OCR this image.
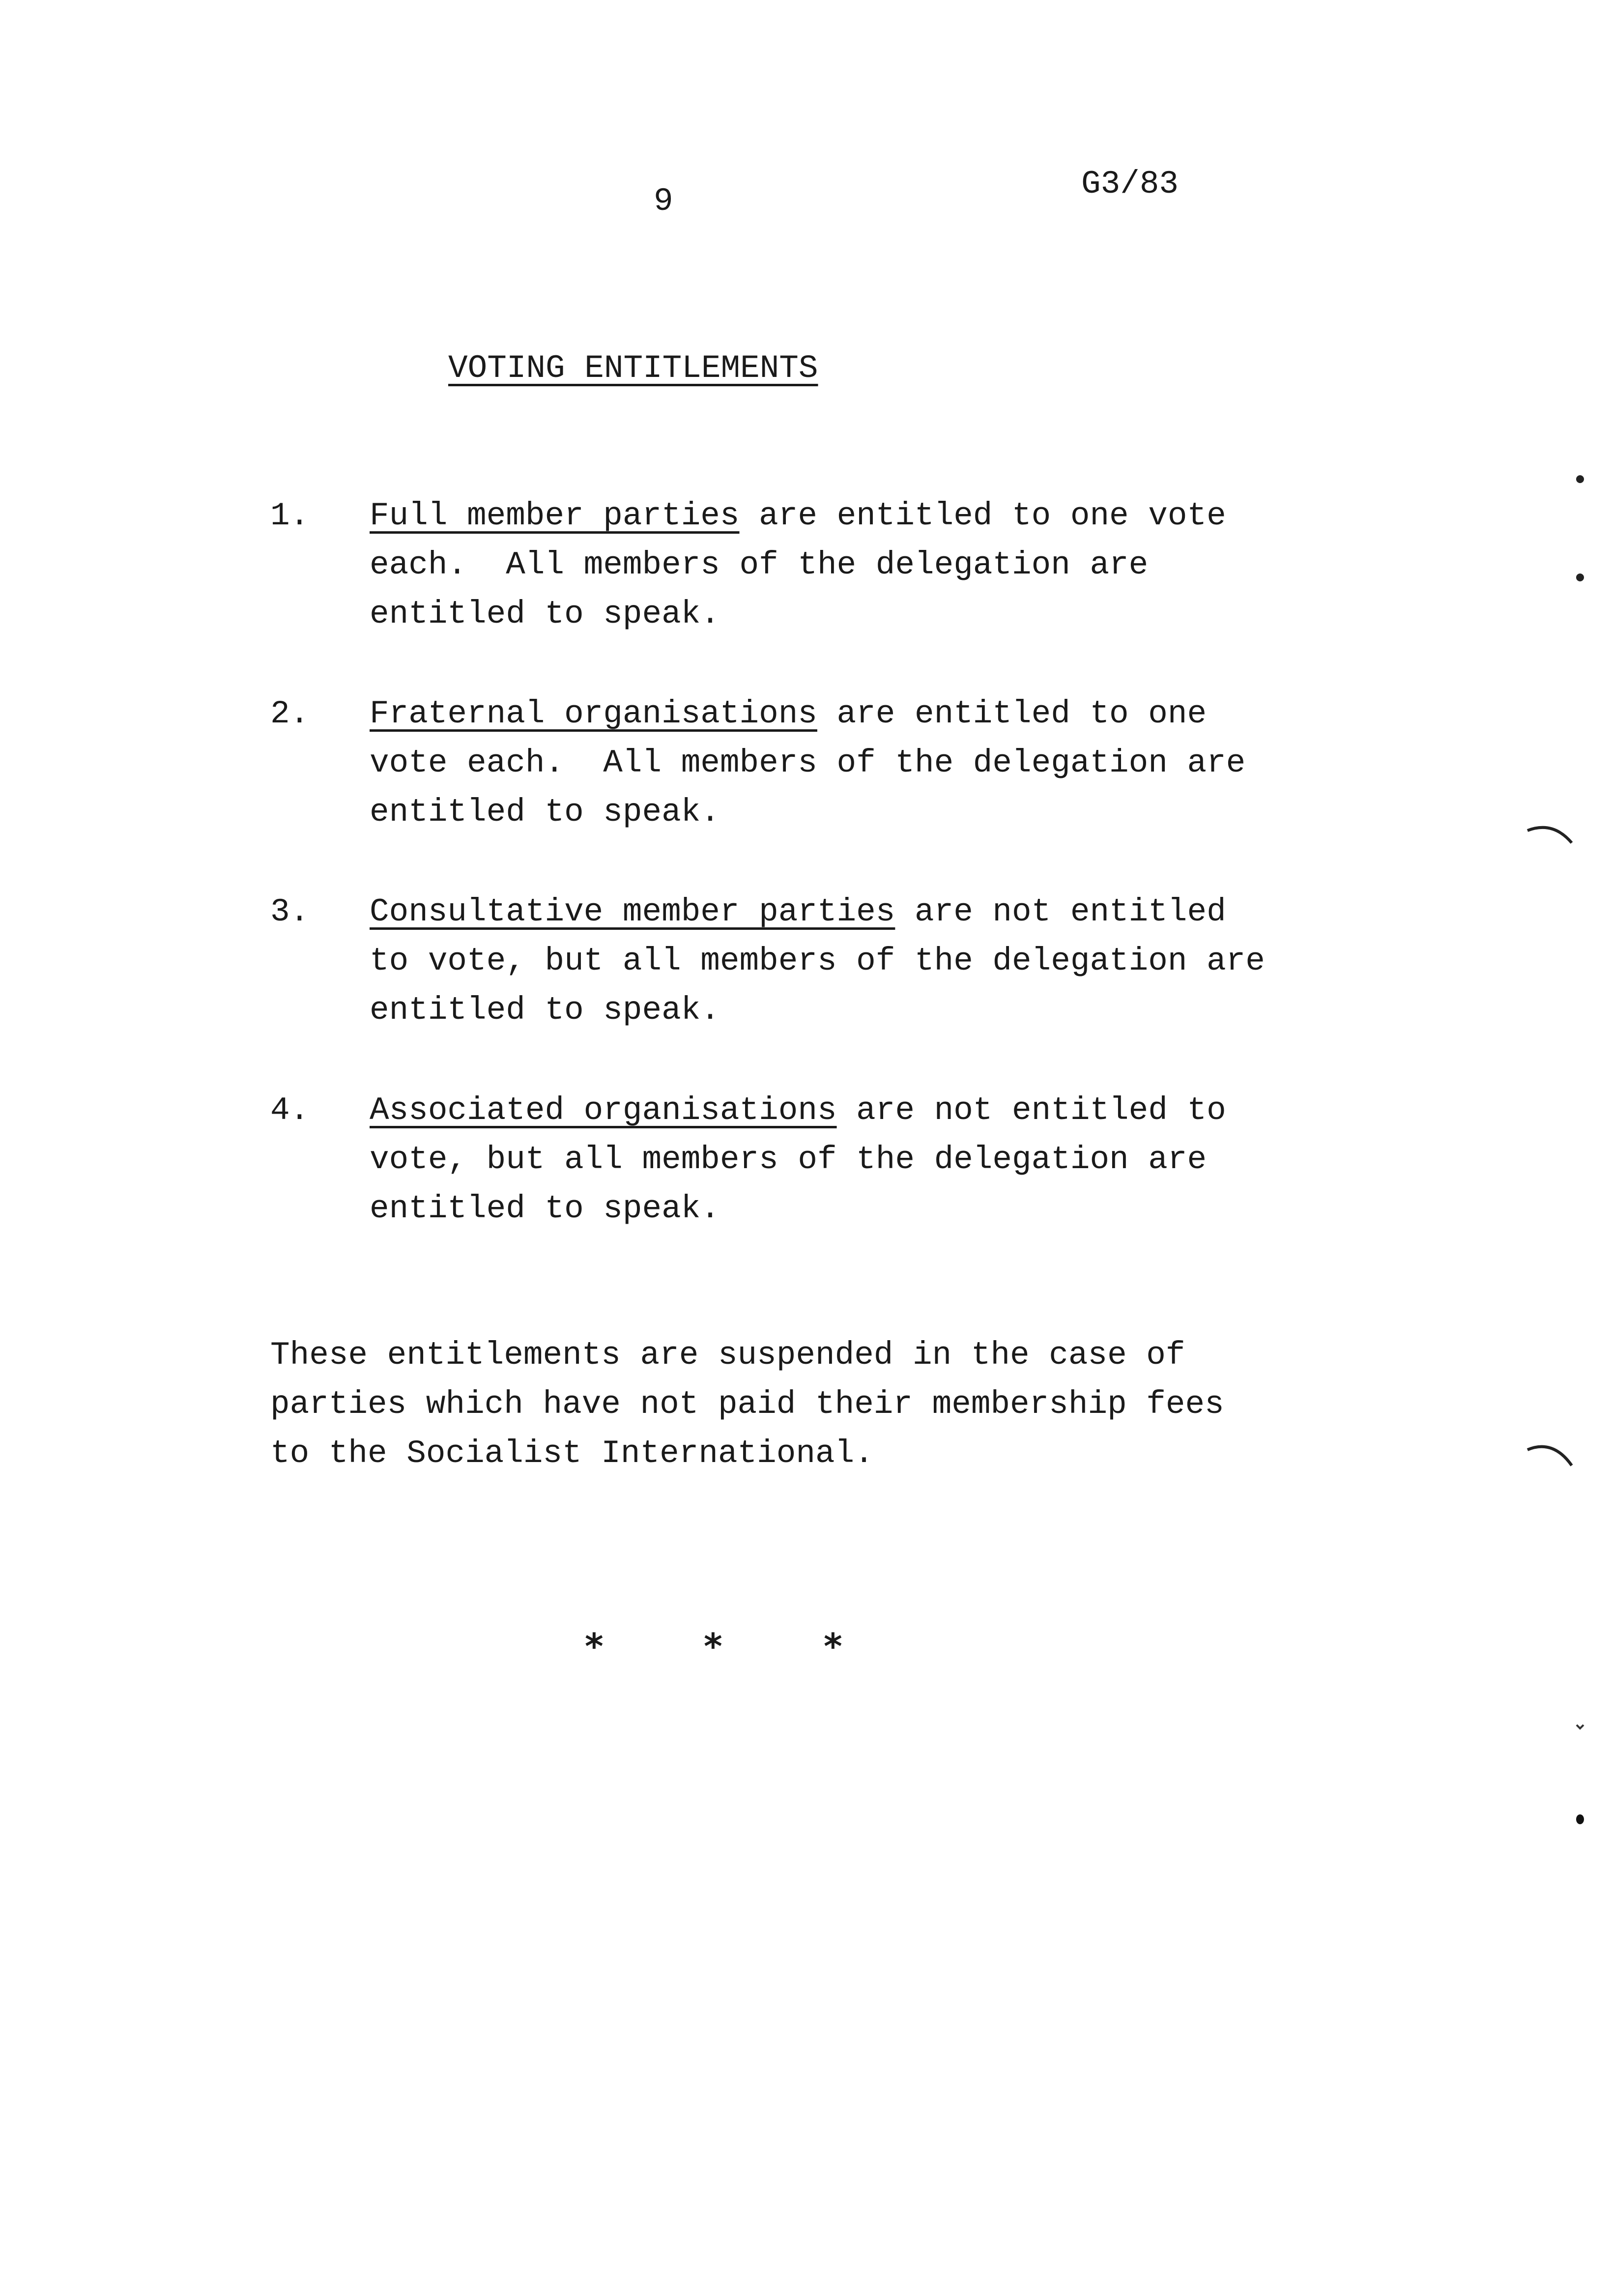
9	G3/83
VOTING ENTITLEMENTS
1. Full member parties are entitled to one vote
each.  All members of the delegation are
entitled to speak.
2. Fraternal organisations are entitled to one
vote each.  All members of the delegation are
entitled to speak.
3. Consultative member parties are not entitled
to vote, but all members of the delegation are
entitled to speak.
4. Associated organisations are not entitled to
vote, but all members of the delegation are
entitled to speak.
These entitlements are suspended in the case of
parties which have not paid their membership fees
to the Socialist International.
*	*	*
